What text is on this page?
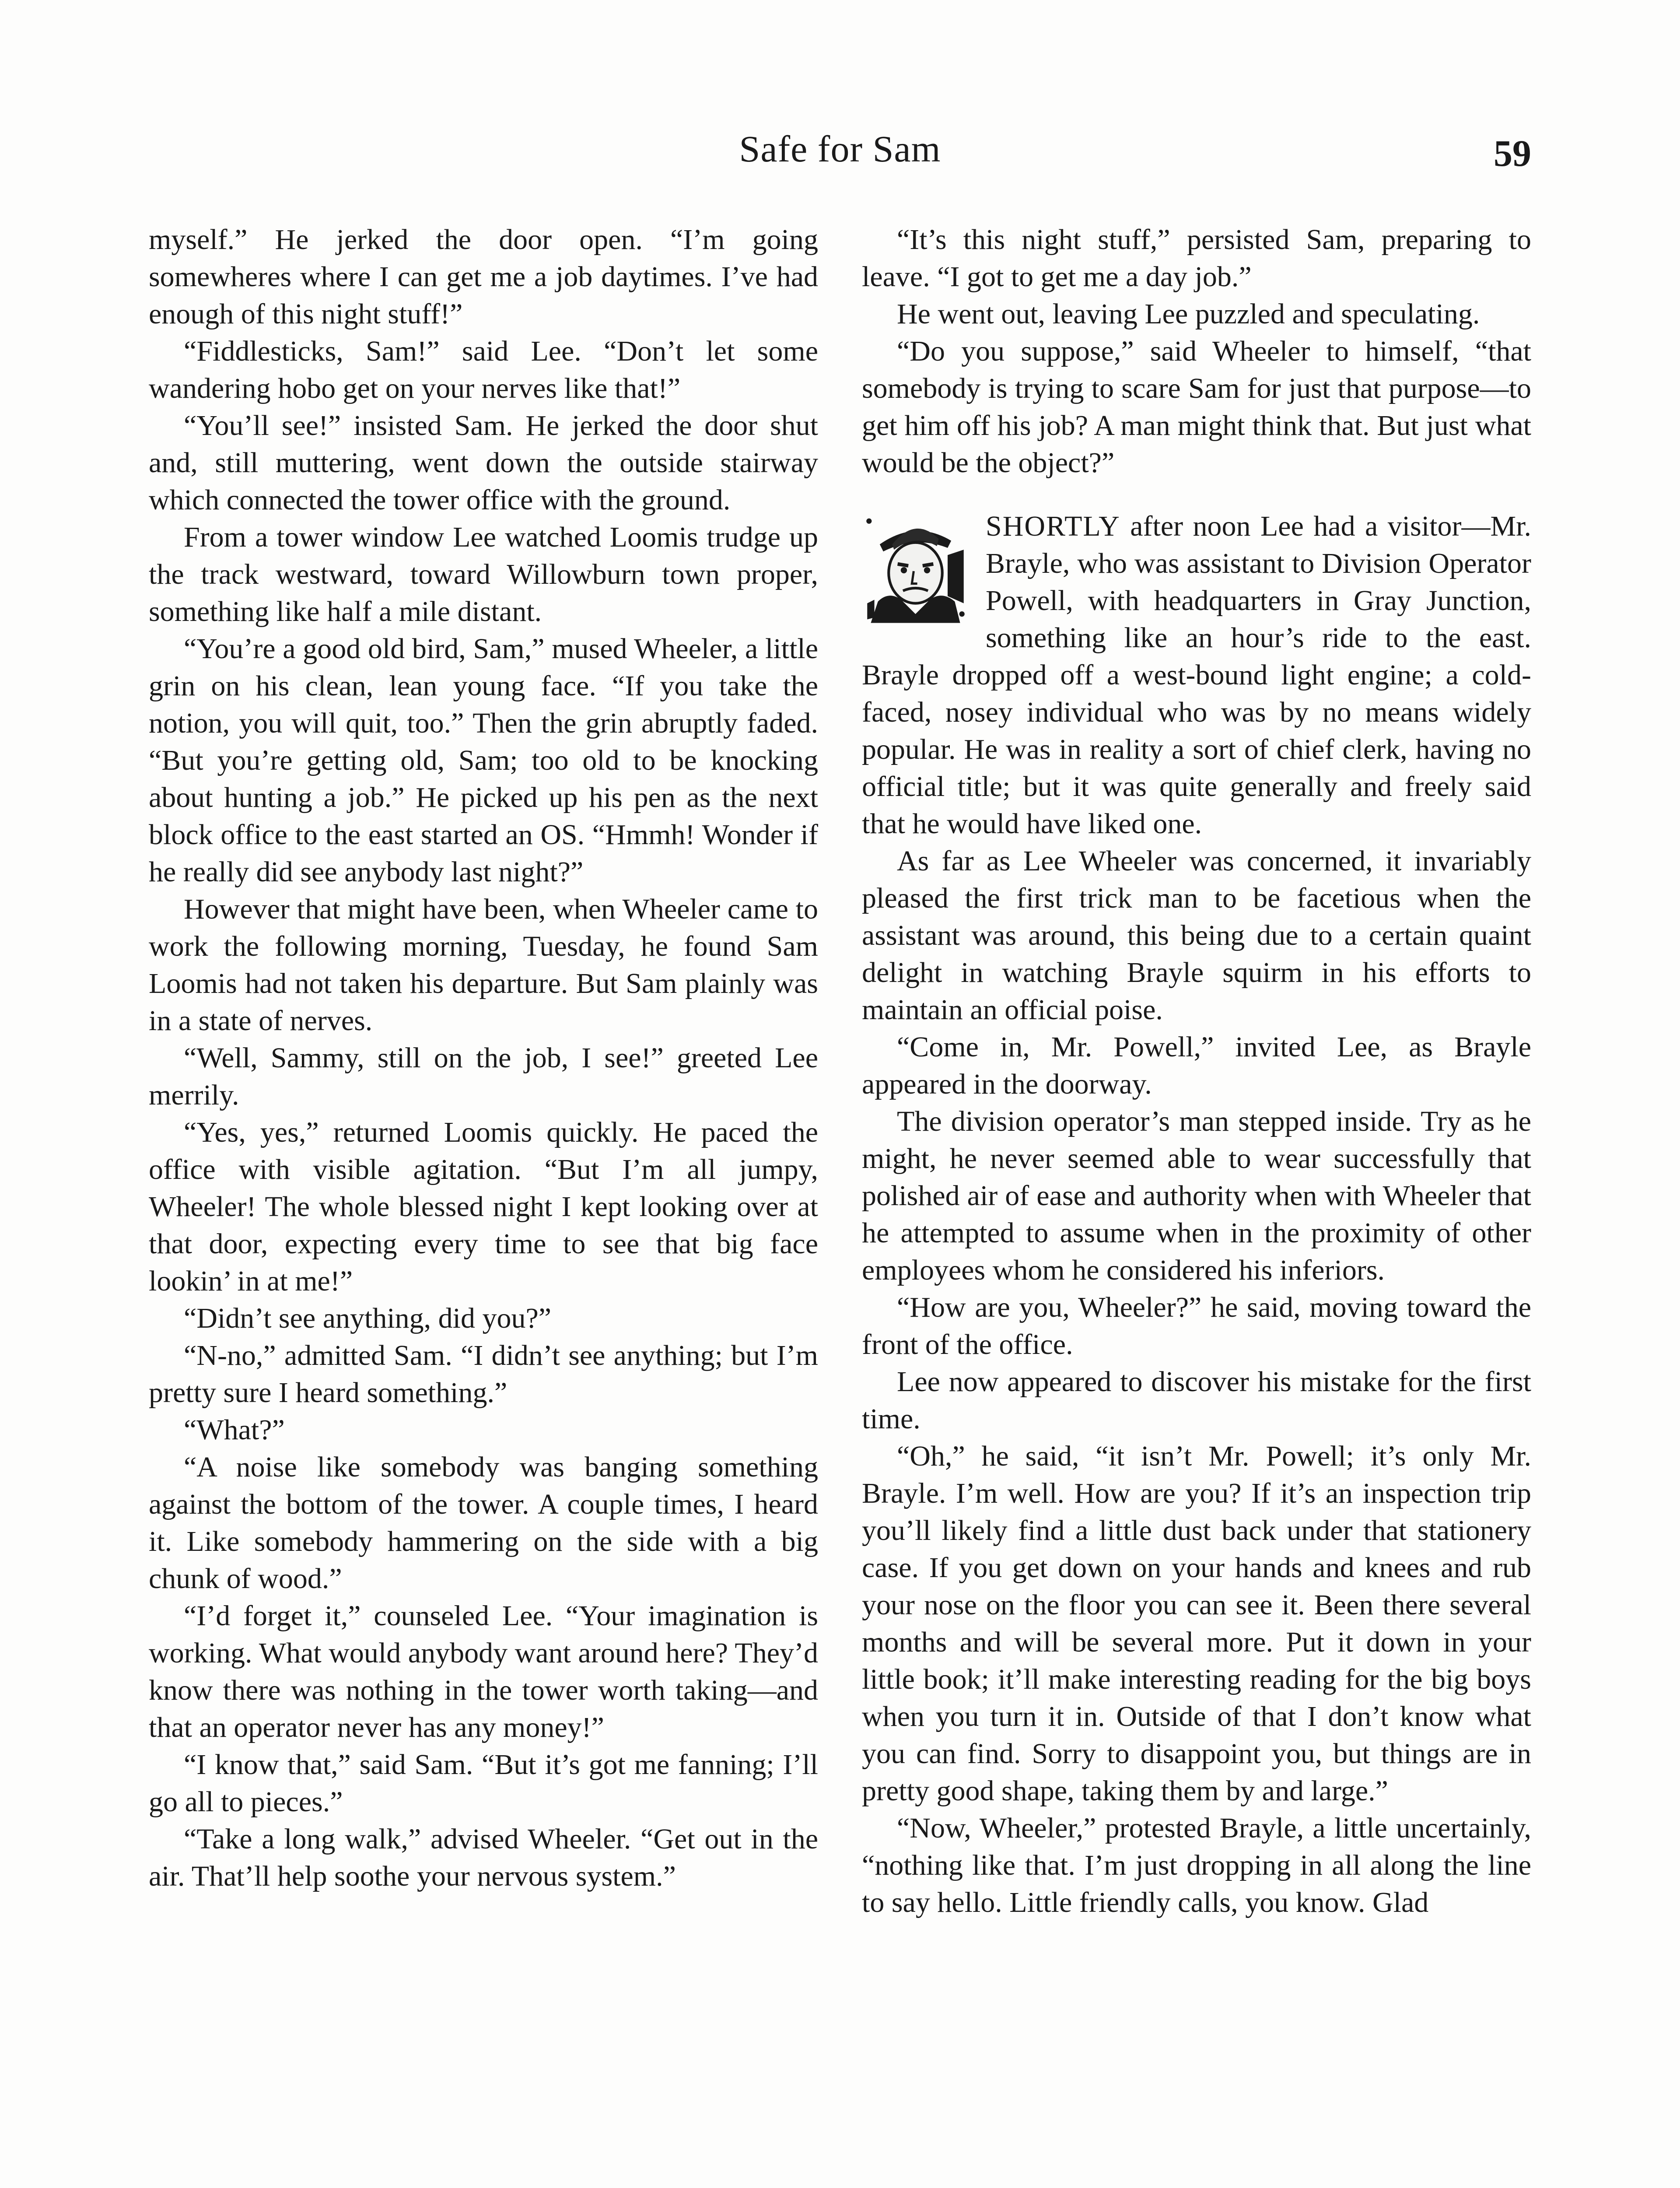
Safe for Sam	59

myself.” He jerked the door open. “I’m going somewheres where I can get me a job daytimes. I’ve had enough of this night stuff!”

“Fiddlesticks, Sam!” said Lee. “Don’t let some wandering hobo get on your nerves like that!”

“You’ll see!” insisted Sam. He jerked the door shut and, still muttering, went down the outside stairway which connected the tower office with the ground.

From a tower window Lee watched Loomis trudge up the track westward, toward Willowburn town proper, something like half a mile distant.

“You’re a good old bird, Sam,” mused Wheeler, a little grin on his clean, lean young face. “If you take the notion, you will quit, too.” Then the grin abruptly faded. “But you’re getting old, Sam; too old to be knocking about hunting a job.” He picked up his pen as the next block office to the east started an OS. “Hmmh! Wonder if he really did see anybody last night?”

However that might have been, when Wheeler came to work the following morning, Tuesday, he found Sam Loomis had not taken his departure. But Sam plainly was in a state of nerves.

“Well, Sammy, still on the job, I see!” greeted Lee merrily.

“Yes, yes,” returned Loomis quickly. He paced the office with visible agitation. “But I’m all jumpy, Wheeler! The whole blessed night I kept looking over at that door, expecting every time to see that big face lookin’ in at me!”

“Didn’t see anything, did you?”

“N-no,” admitted Sam. “I didn’t see anything; but I’m pretty sure I heard something.”

“What?”

“A noise like somebody was banging something against the bottom of the tower. A couple times, I heard it. Like somebody hammering on the side with a big chunk of wood.”

“I’d forget it,” counseled Lee. “Your imagination is working. What would anybody want around here? They’d know there was nothing in the tower worth taking—and that an operator never has any money!”

“I know that,” said Sam. “But it’s got me fanning; I’ll go all to pieces.”

“Take a long walk,” advised Wheeler. “Get out in the air. That’ll help soothe your nervous system.”

“It’s this night stuff,” persisted Sam, preparing to leave. “I got to get me a day job.”

He went out, leaving Lee puzzled and speculating.

“Do you suppose,” said Wheeler to himself, “that somebody is trying to scare Sam for just that purpose—to get him off his job? A man might think that. But just what would be the object?”

SHORTLY after noon Lee had a visitor—Mr. Brayle, who was assistant to Division Operator Powell, with headquarters in Gray Junction, something like an hour’s ride to the east. Brayle dropped off a west-bound light engine; a cold-faced, nosey individual who was by no means widely popular. He was in reality a sort of chief clerk, having no official title; but it was quite generally and freely said that he would have liked one.

As far as Lee Wheeler was concerned, it invariably pleased the first trick man to be facetious when the assistant was around, this being due to a certain quaint delight in watching Brayle squirm in his efforts to maintain an official poise.

“Come in, Mr. Powell,” invited Lee, as Brayle appeared in the doorway.

The division operator’s man stepped inside. Try as he might, he never seemed able to wear successfully that polished air of ease and authority when with Wheeler that he attempted to assume when in the proximity of other employees whom he considered his inferiors.

“How are you, Wheeler?” he said, moving toward the front of the office.

Lee now appeared to discover his mistake for the first time.

“Oh,” he said, “it isn’t Mr. Powell; it’s only Mr. Brayle. I’m well. How are you? If it’s an inspection trip you’ll likely find a little dust back under that stationery case. If you get down on your hands and knees and rub your nose on the floor you can see it. Been there several months and will be several more. Put it down in your little book; it’ll make interesting reading for the big boys when you turn it in. Outside of that I don’t know what you can find. Sorry to disappoint you, but things are in pretty good shape, taking them by and large.”

“Now, Wheeler,” protested Brayle, a little uncertainly, “nothing like that. I’m just dropping in all along the line to say hello. Little friendly calls, you know. Glad
